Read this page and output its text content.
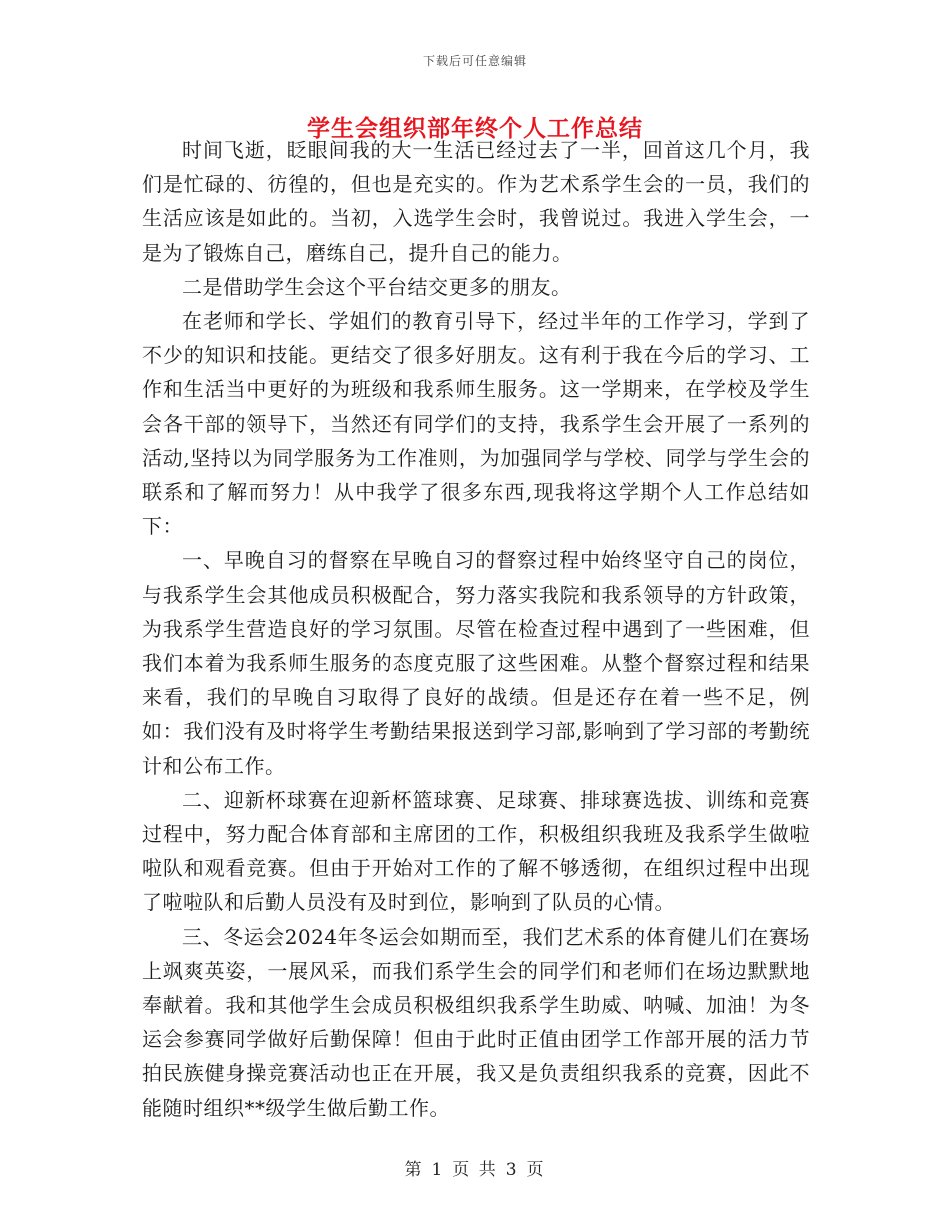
下载后可任意编辑
学生会组织部年终个人工作总结

时间飞逝，眨眼间我的大一生活已经过去了一半，回首这几个月，我们是忙碌的、彷徨的，但也是充实的。作为艺术系学生会的一员，我们的生活应该是如此的。当初，入选学生会时，我曾说过。我进入学生会，一是为了锻炼自己，磨练自己，提升自己的能力。

二是借助学生会这个平台结交更多的朋友。

在老师和学长、学姐们的教育引导下，经过半年的工作学习，学到了不少的知识和技能。更结交了很多好朋友。这有利于我在今后的学习、工作和生活当中更好的为班级和我系师生服务。这一学期来，在学校及学生会各干部的领导下，当然还有同学们的支持，我系学生会开展了一系列的活动,坚持以为同学服务为工作准则，为加强同学与学校、同学与学生会的联系和了解而努力！从中我学了很多东西,现我将这学期个人工作总结如下：

一、早晚自习的督察在早晚自习的督察过程中始终坚守自己的岗位，与我系学生会其他成员积极配合，努力落实我院和我系领导的方针政策，为我系学生营造良好的学习氛围。尽管在检查过程中遇到了一些困难，但我们本着为我系师生服务的态度克服了这些困难。从整个督察过程和结果来看，我们的早晚自习取得了良好的战绩。但是还存在着一些不足，例如：我们没有及时将学生考勤结果报送到学习部,影响到了学习部的考勤统计和公布工作。

二、迎新杯球赛在迎新杯篮球赛、足球赛、排球赛选拔、训练和竞赛过程中，努力配合体育部和主席团的工作，积极组织我班及我系学生做啦啦队和观看竞赛。但由于开始对工作的了解不够透彻，在组织过程中出现了啦啦队和后勤人员没有及时到位，影响到了队员的心情。

三、冬运会2024年冬运会如期而至，我们艺术系的体育健儿们在赛场上飒爽英姿，一展风采，而我们系学生会的同学们和老师们在场边默默地奉献着。我和其他学生会成员积极组织我系学生助威、呐喊、加油！为冬运会参赛同学做好后勤保障！但由于此时正值由团学工作部开展的活力节拍民族健身操竞赛活动也正在开展，我又是负责组织我系的竞赛，因此不能随时组织**级学生做后勤工作。

第 1 页 共 3 页
